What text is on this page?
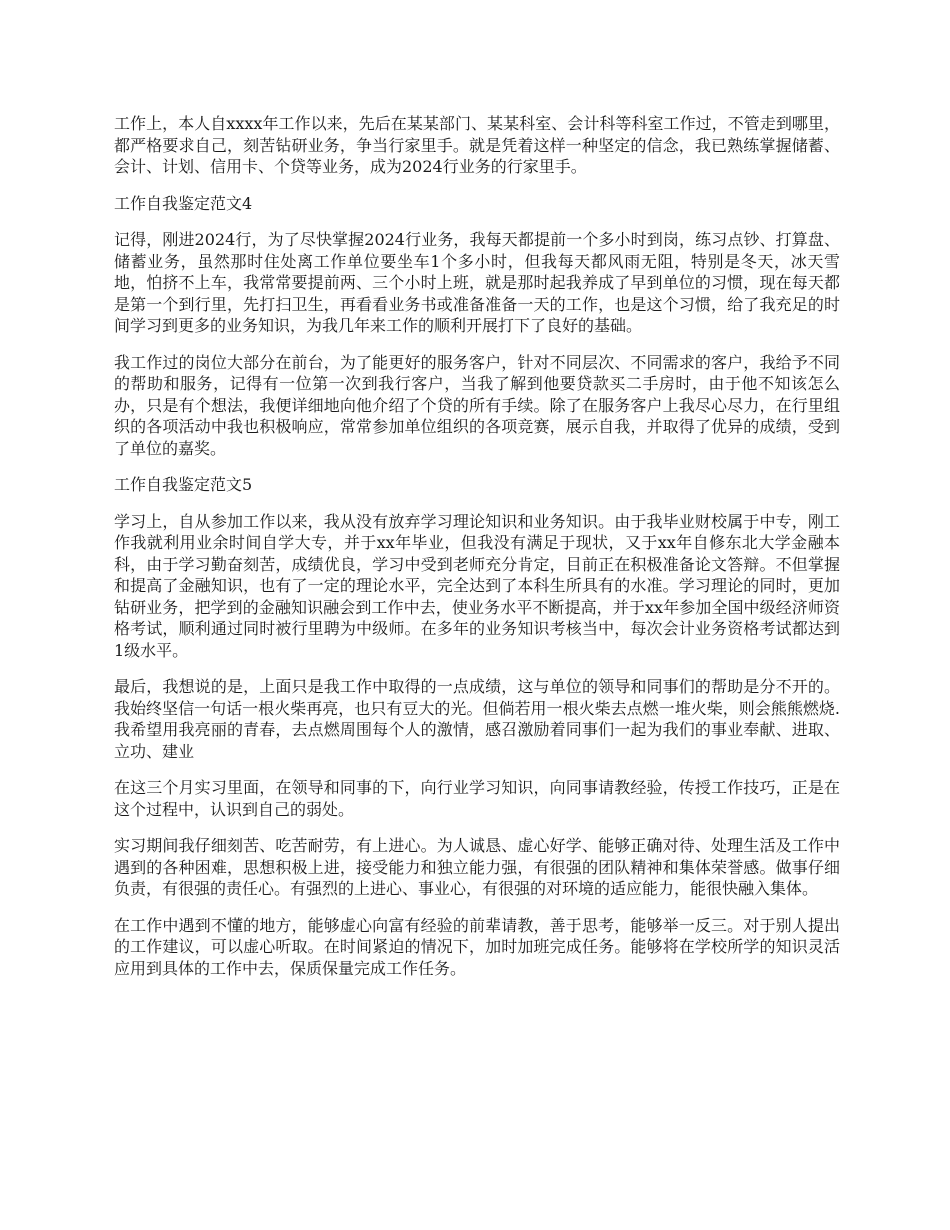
工作上，本人自xxxx年工作以来，先后在某某部门、某某科室、会计科等科室工作过，不管走到哪里，都严格要求自己，刻苦钻研业务，争当行家里手。就是凭着这样一种坚定的信念，我已熟练掌握储蓄、会计、计划、信用卡、个贷等业务，成为2024行业务的行家里手。

工作自我鉴定范文4

记得，刚进2024行，为了尽快掌握2024行业务，我每天都提前一个多小时到岗，练习点钞、打算盘、储蓄业务，虽然那时住处离工作单位要坐车1个多小时，但我每天都风雨无阻，特别是冬天，冰天雪地，怕挤不上车，我常常要提前两、三个小时上班，就是那时起我养成了早到单位的习惯，现在每天都是第一个到行里，先打扫卫生，再看看业务书或准备准备一天的工作，也是这个习惯，给了我充足的时间学习到更多的业务知识，为我几年来工作的顺利开展打下了良好的基础。

我工作过的岗位大部分在前台，为了能更好的服务客户，针对不同层次、不同需求的客户，我给予不同的帮助和服务，记得有一位第一次到我行客户，当我了解到他要贷款买二手房时，由于他不知该怎么办，只是有个想法，我便详细地向他介绍了个贷的所有手续。除了在服务客户上我尽心尽力，在行里组织的各项活动中我也积极响应，常常参加单位组织的各项竞赛，展示自我，并取得了优异的成绩，受到了单位的嘉奖。

工作自我鉴定范文5

学习上，自从参加工作以来，我从没有放弃学习理论知识和业务知识。由于我毕业财校属于中专，刚工作我就利用业余时间自学大专，并于xx年毕业，但我没有满足于现状，又于xx年自修东北大学金融本科，由于学习勤奋刻苦，成绩优良，学习中受到老师充分肯定，目前正在积极准备论文答辩。不但掌握和提高了金融知识，也有了一定的理论水平，完全达到了本科生所具有的水准。学习理论的同时，更加钻研业务，把学到的金融知识融会到工作中去，使业务水平不断提高，并于xx年参加全国中级经济师资格考试，顺利通过同时被行里聘为中级师。在多年的业务知识考核当中，每次会计业务资格考试都达到1级水平。

最后，我想说的是，上面只是我工作中取得的一点成绩，这与单位的领导和同事们的帮助是分不开的。我始终坚信一句话一根火柴再亮，也只有豆大的光。但倘若用一根火柴去点燃一堆火柴，则会熊熊燃烧.我希望用我亮丽的青春，去点燃周围每个人的激情，感召激励着同事们一起为我们的事业奉献、进取、立功、建业

在这三个月实习里面，在领导和同事的下，向行业学习知识，向同事请教经验，传授工作技巧，正是在这个过程中，认识到自己的弱处。

实习期间我仔细刻苦、吃苦耐劳，有上进心。为人诚恳、虚心好学、能够正确对待、处理生活及工作中遇到的各种困难，思想积极上进，接受能力和独立能力强，有很强的团队精神和集体荣誉感。做事仔细负责，有很强的责任心。有强烈的上进心、事业心，有很强的对环境的适应能力，能很快融入集体。

在工作中遇到不懂的地方，能够虚心向富有经验的前辈请教，善于思考，能够举一反三。对于别人提出的工作建议，可以虚心听取。在时间紧迫的情况下，加时加班完成任务。能够将在学校所学的知识灵活应用到具体的工作中去，保质保量完成工作任务。
